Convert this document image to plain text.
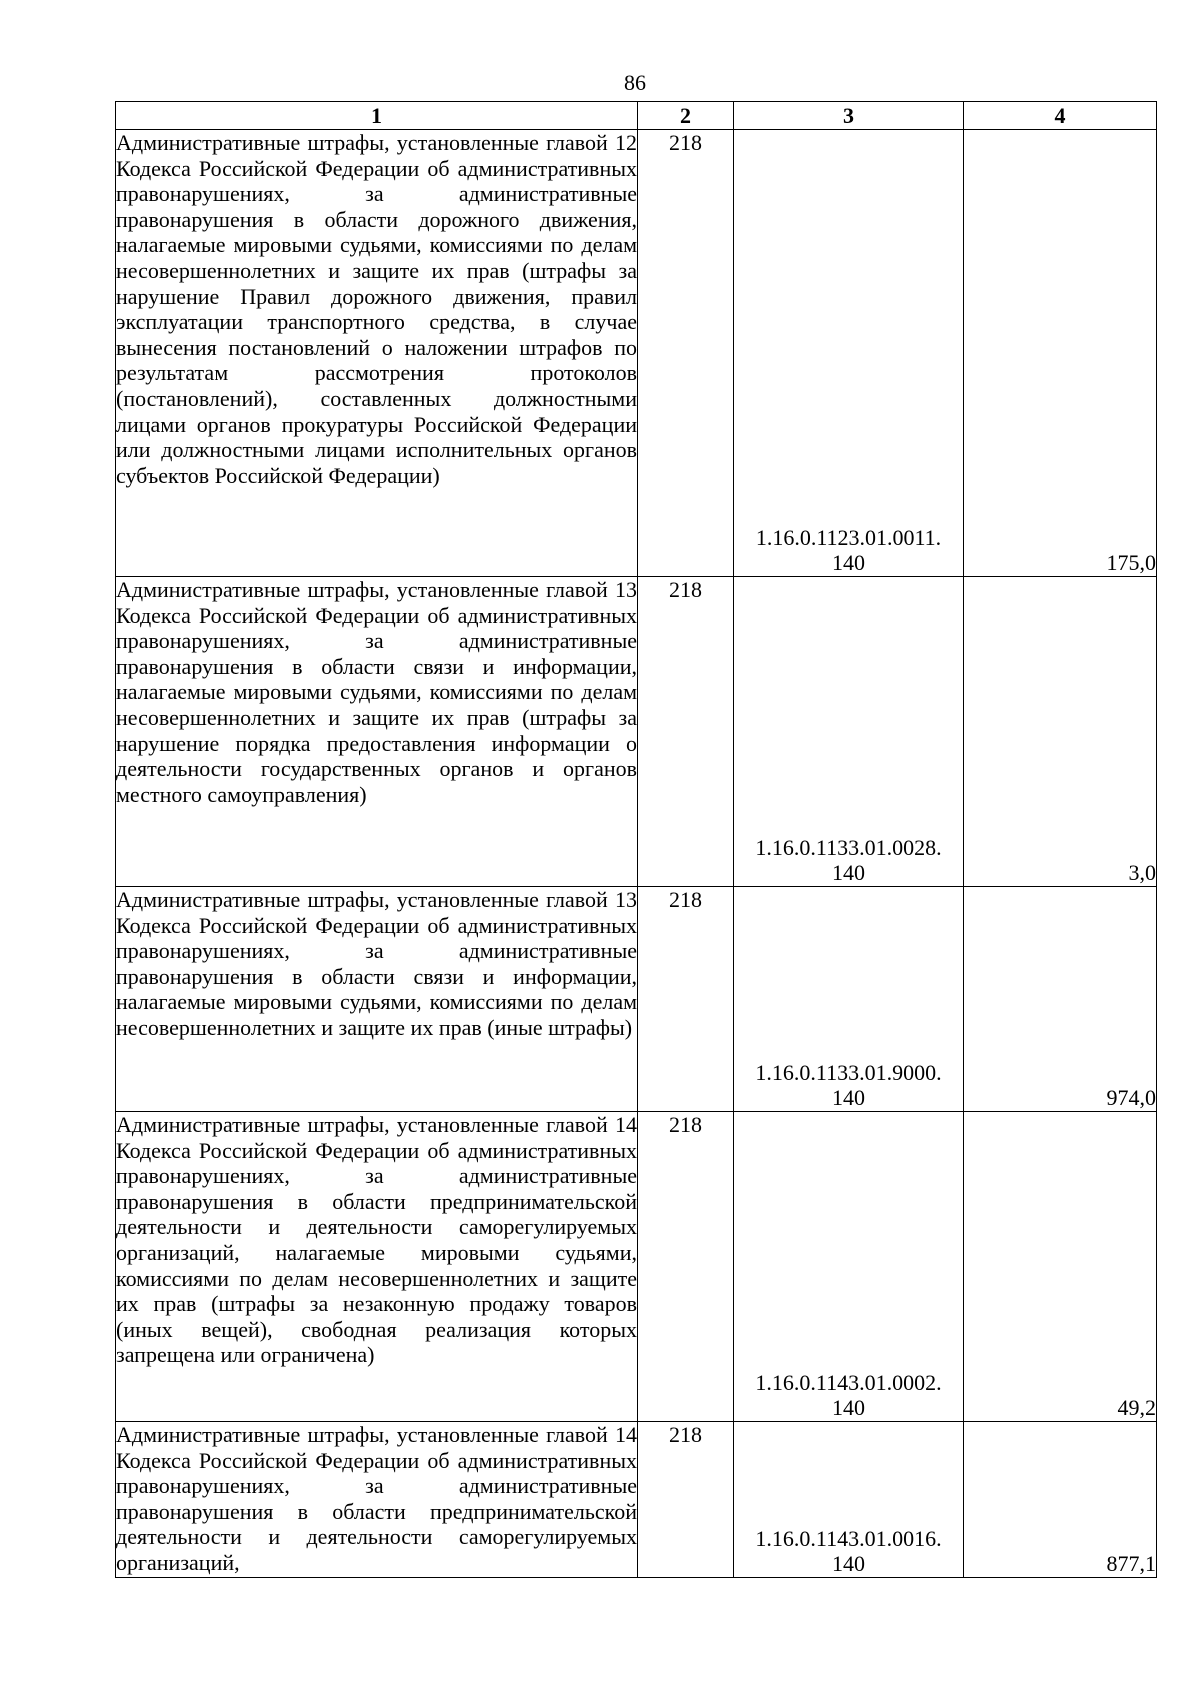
86
1	2	3	4
Административные штрафы, установленные главой 12 Кодекса Российской Федерации об административных правонарушениях, за административные правонарушения в области дорожного движения, налагаемые мировыми судьями, комиссиями по делам несовершеннолетних и защите их прав (штрафы за нарушение Правил дорожного движения, правил эксплуатации транспортного средства, в случае вынесения постановлений о наложении штрафов по результатам рассмотрения протоколов (постановлений), составленных должностными лицами органов прокуратуры Российской Федерации или должностными лицами исполнительных органов субъектов Российской Федерации)	218	1.16.0.1123.01.0011.
140	175,0
Административные штрафы, установленные главой 13 Кодекса Российской Федерации об административных правонарушениях, за административные правонарушения в области связи и информации, налагаемые мировыми судьями, комиссиями по делам несовершеннолетних и защите их прав (штрафы за нарушение порядка предоставления информации о деятельности государственных органов и органов местного самоуправления)	218	1.16.0.1133.01.0028.
140	3,0
Административные штрафы, установленные главой 13 Кодекса Российской Федерации об административных правонарушениях, за административные правонарушения в области связи и информации, налагаемые мировыми судьями, комиссиями по делам несовершеннолетних и защите их прав (иные штрафы)	218	1.16.0.1133.01.9000.
140	974,0
Административные штрафы, установленные главой 14 Кодекса Российской Федерации об административных правонарушениях, за административные правонарушения в области предпринимательской деятельности и деятельности саморегулируемых организаций, налагаемые мировыми судьями, комиссиями по делам несовершеннолетних и защите их прав (штрафы за незаконную продажу товаров (иных вещей), свободная реализация которых запрещена или ограничена)	218	1.16.0.1143.01.0002.
140	49,2
Административные штрафы, установленные главой 14 Кодекса Российской Федерации об административных правонарушениях, за административные правонарушения в области предпринимательской деятельности и деятельности саморегулируемых организаций,	218	1.16.0.1143.01.0016.
140	877,1
